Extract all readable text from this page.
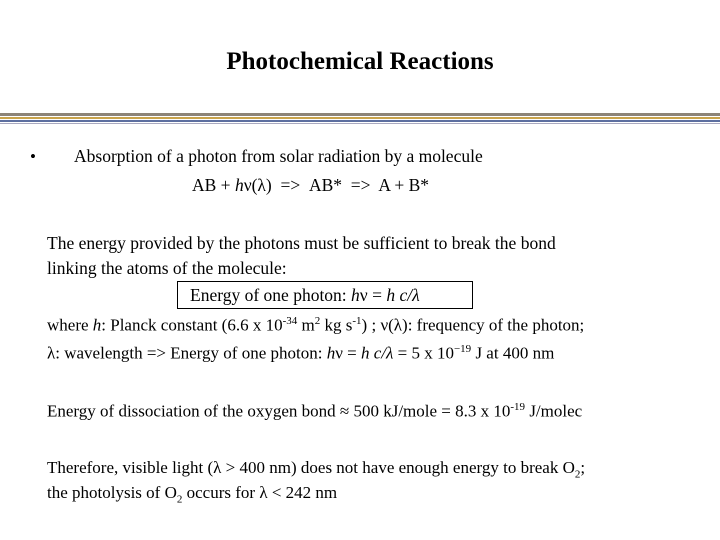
Photochemical Reactions
• Absorption of a photon from solar radiation by a molecule
AB + hν(λ)  =>  AB*  =>  A + B*
The energy provided by the photons must be sufficient to break the bond
linking the atoms of the molecule:
Energy of one photon: hν = h c/λ
where h: Planck constant (6.6 x $10^{-34}$ $m^2$ kg $s^{-1}$) ; ν(λ): frequency of the photon;
λ: wavelength => Energy of one photon: hν = h c/λ = 5 x $10^{-19}$ J at 400 nm
Energy of dissociation of the oxygen bond ≈ 500 kJ/mole = 8.3 x $10^{-19}$ J/molec
Therefore, visible light (λ > 400 nm) does not have enough energy to break $O_2$;
the photolysis of $O_2$ occurs for λ < 242 nm
